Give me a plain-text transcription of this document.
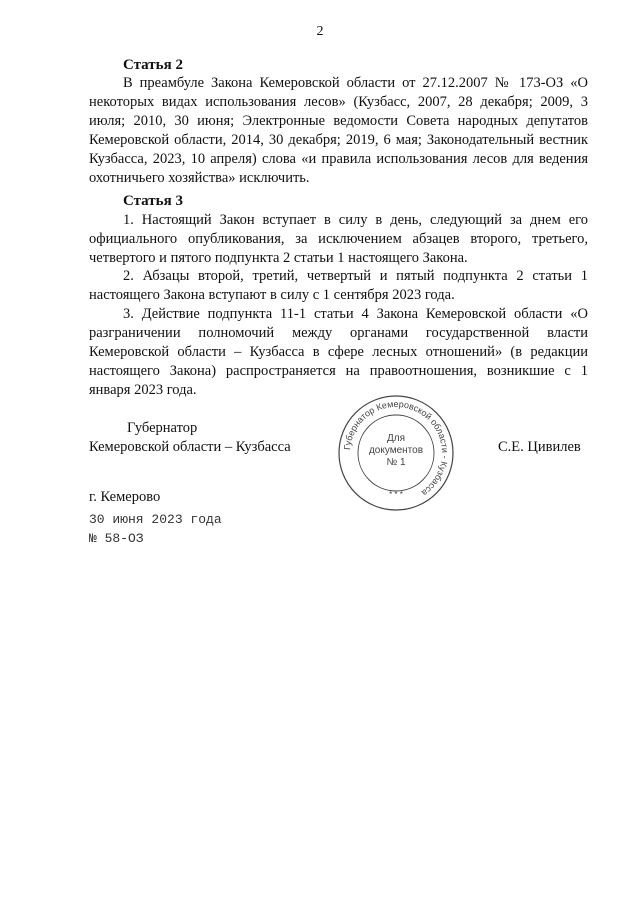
2
Статья 2

В преамбуле Закона Кемеровской области от 27.12.2007 № 173-ОЗ «О некоторых видах использования лесов» (Кузбасс, 2007, 28 декабря; 2009, 3 июля; 2010, 30 июня; Электронные ведомости Совета народных депутатов Кемеровской области, 2014, 30 декабря; 2019, 6 мая; Законодательный вестник Кузбасса, 2023, 10 апреля) слова «и правила использования лесов для ведения охотничьего хозяйства» исключить.

Статья 3

1. Настоящий Закон вступает в силу в день, следующий за днем его официального опубликования, за исключением абзацев второго, третьего, четвертого и пятого подпункта 2 статьи 1 настоящего Закона.

2. Абзацы второй, третий, четвертый и пятый подпункта 2 статьи 1 настоящего Закона вступают в силу с 1 сентября 2023 года.

3. Действие подпункта 11-1 статьи 4 Закона Кемеровской области «О разграничении полномочий между органами государственной власти Кемеровской области – Кузбасса в сфере лесных отношений» (в редакции настоящего Закона) распространяется на правоотношения, возникшие с 1 января 2023 года.

Губернатор
Кемеровской области – Кузбасса	С.Е. Цивилев
Губернатор Кемеровской области - Кузбасса
Для
документов
№ 1
* * *
г. Кемерово
30 июня 2023 года
№ 58-ОЗ
